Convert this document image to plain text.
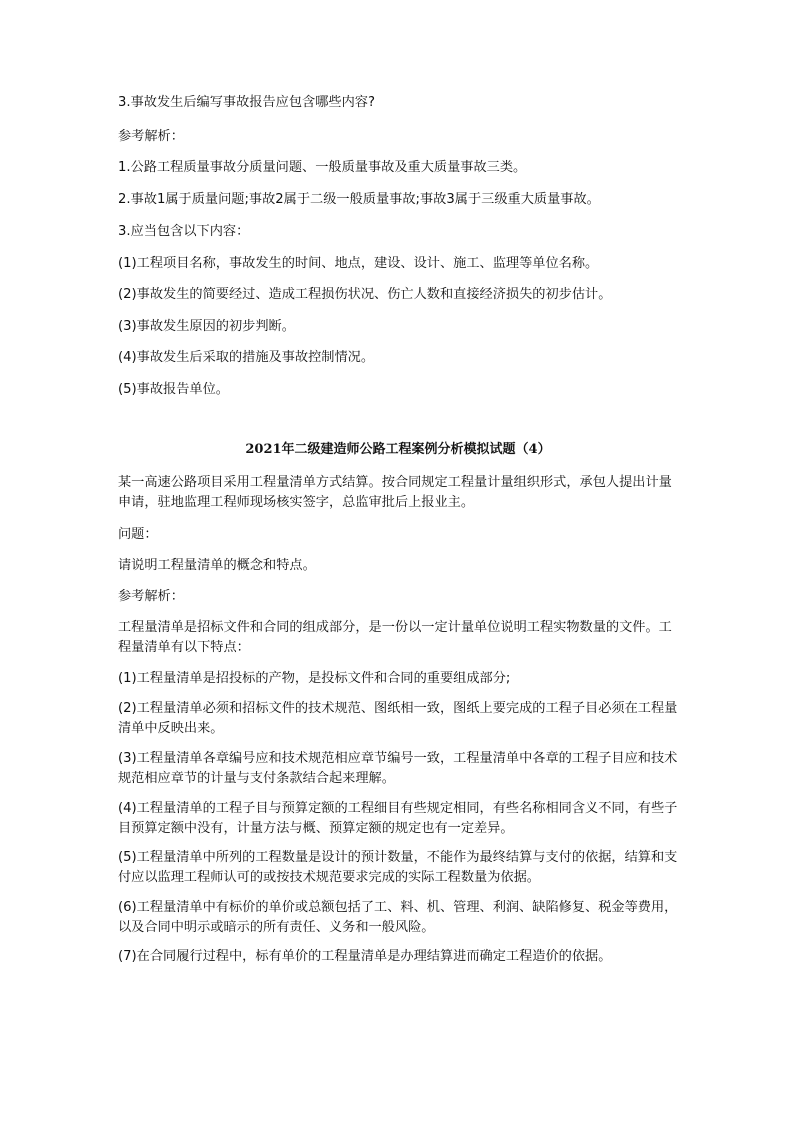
3.事故发生后编写事故报告应包含哪些内容?

参考解析：

1.公路工程质量事故分质量问题、一般质量事故及重大质量事故三类。

2.事故1属于质量问题;事故2属于二级一般质量事故;事故3属于三级重大质量事故。

3.应当包含以下内容：

(1)工程项目名称，事故发生的时间、地点，建设、设计、施工、监理等单位名称。

(2)事故发生的简要经过、造成工程损伤状况、伤亡人数和直接经济损失的初步估计。

(3)事故发生原因的初步判断。

(4)事故发生后采取的措施及事故控制情况。

(5)事故报告单位。

2021年二级建造师公路工程案例分析模拟试题（4）

某一高速公路项目采用工程量清单方式结算。按合同规定工程量计量组织形式，承包人提出计量申请，驻地监理工程师现场核实签字，总监审批后上报业主。

问题：

请说明工程量清单的概念和特点。

参考解析：

工程量清单是招标文件和合同的组成部分，是一份以一定计量单位说明工程实物数量的文件。工程量清单有以下特点：

(1)工程量清单是招投标的产物，是投标文件和合同的重要组成部分;

(2)工程量清单必须和招标文件的技术规范、图纸相一致，图纸上要完成的工程子目必须在工程量清单中反映出来。

(3)工程量清单各章编号应和技术规范相应章节编号一致，工程量清单中各章的工程子目应和技术规范相应章节的计量与支付条款结合起来理解。

(4)工程量清单的工程子目与预算定额的工程细目有些规定相同，有些名称相同含义不同，有些子目预算定额中没有，计量方法与概、预算定额的规定也有一定差异。

(5)工程量清单中所列的工程数量是设计的预计数量，不能作为最终结算与支付的依据，结算和支付应以监理工程师认可的或按技术规范要求完成的实际工程数量为依据。

(6)工程量清单中有标价的单价或总额包括了工、料、机、管理、利润、缺陷修复、税金等费用，以及合同中明示或暗示的所有责任、义务和一般风险。

(7)在合同履行过程中，标有单价的工程量清单是办理结算进而确定工程造价的依据。
